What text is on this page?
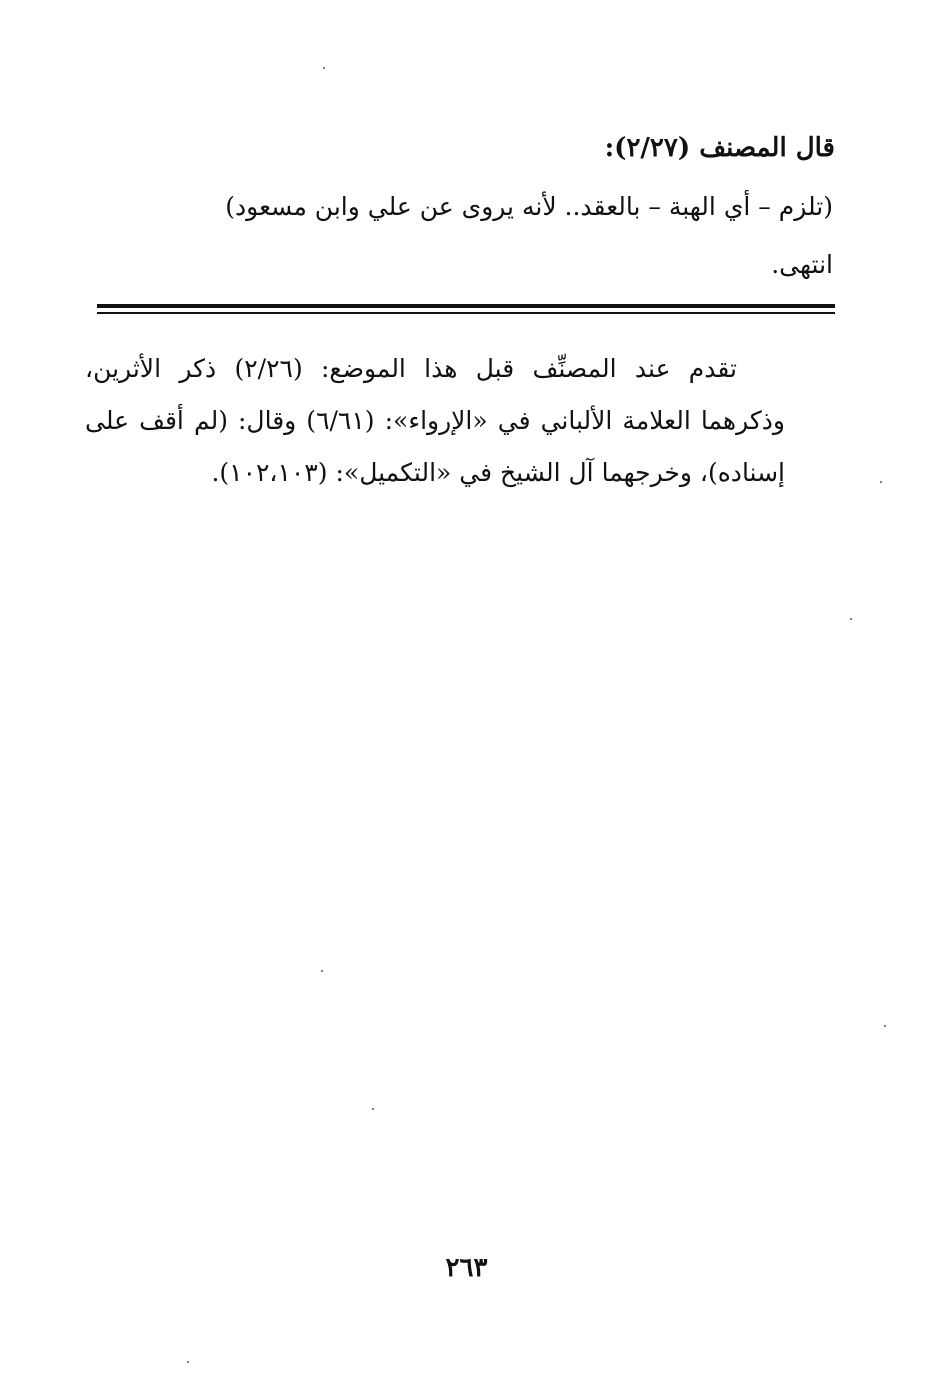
قال المصنف (٢/٢٧):
(تلزم – أي الهبة – بالعقد.. لأنه يروى عن علي وابن مسعود)
انتهى.
تقدم عند المصنِّف قبل هذا الموضع: (٢/٢٦) ذكر الأثرين، وذكرهما العلامة الألباني في «الإرواء»: (٦/٦١) وقال: (لم أقف على إسناده)، وخرجهما آل الشيخ في «التكميل»: (١٠٢،١٠٣).
٢٦٣
